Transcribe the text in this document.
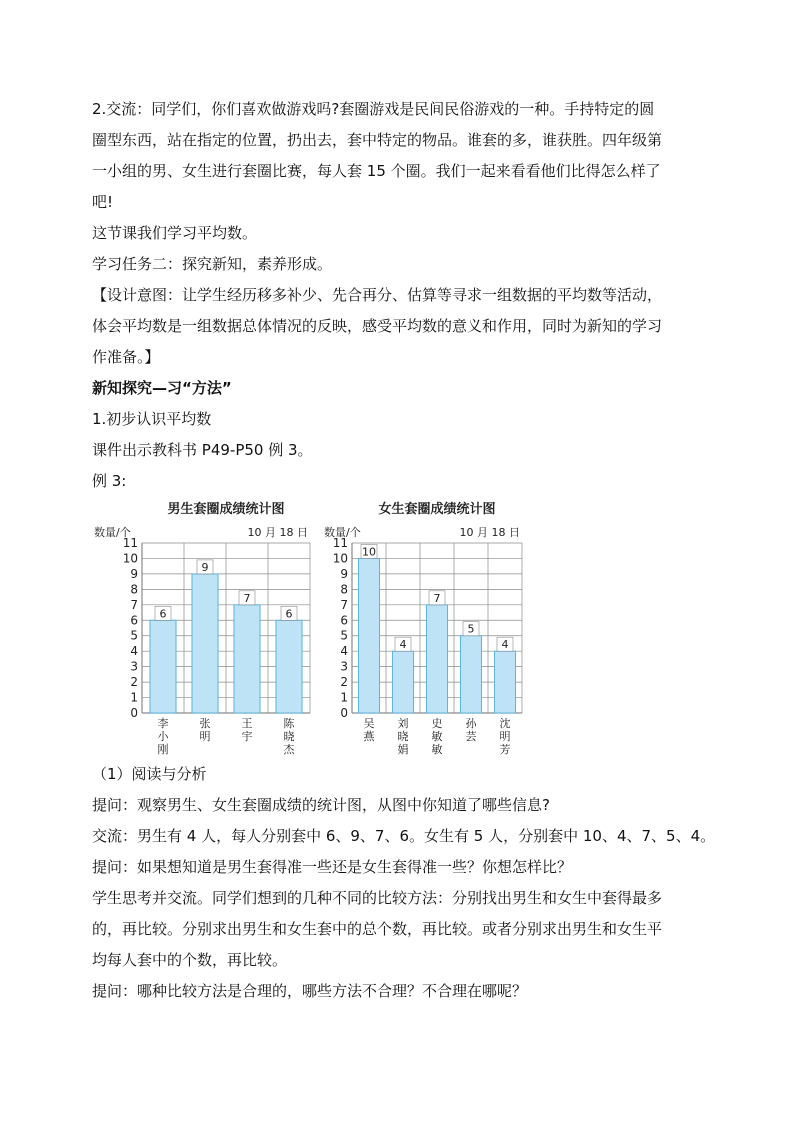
2.交流：同学们，你们喜欢做游戏吗?套圈游戏是民间民俗游戏的一种。手持特定的圆
圈型东西，站在指定的位置，扔出去，套中特定的物品。谁套的多，谁获胜。四年级第
一小组的男、女生进行套圈比赛，每人套 15 个圈。我们一起来看看他们比得怎么样了
吧!
这节课我们学习平均数。
学习任务二：探究新知，素养形成。
【设计意图：让学生经历移多补少、先合再分、估算等寻求一组数据的平均数等活动，
体会平均数是一组数据总体情况的反映，感受平均数的意义和作用，同时为新知的学习
作准备。】
新知探究—习“方法”
1.初步认识平均数
课件出示教科书 P49-P50 例 3。
例 3:
男生套圈成绩统计图
数量/个	10 月 18 日
0
1
2
3
4
5
6
7
8
9
10
11
6
李
小
刚
9
张
明
7
王
宇
6
陈
晓
杰
女生套圈成绩统计图
数量/个	10 月 18 日
0
1
2
3
4
5
6
7
8
9
10
11
10
吴
燕
4
刘
晓
娟
7
史
敏
敏
5
孙
芸
4
沈
明
芳
（1）阅读与分析
提问：观察男生、女生套圈成绩的统计图，从图中你知道了哪些信息?
交流：男生有 4 人，每人分别套中 6、9、7、6。女生有 5 人，分别套中 10、4、7、5、4。
提问：如果想知道是男生套得准一些还是女生套得准一些？你想怎样比？
学生思考并交流。同学们想到的几种不同的比较方法：分别找出男生和女生中套得最多
的，再比较。分别求出男生和女生套中的总个数，再比较。或者分别求出男生和女生平
均每人套中的个数，再比较。
提问：哪种比较方法是合理的，哪些方法不合理？不合理在哪呢？
